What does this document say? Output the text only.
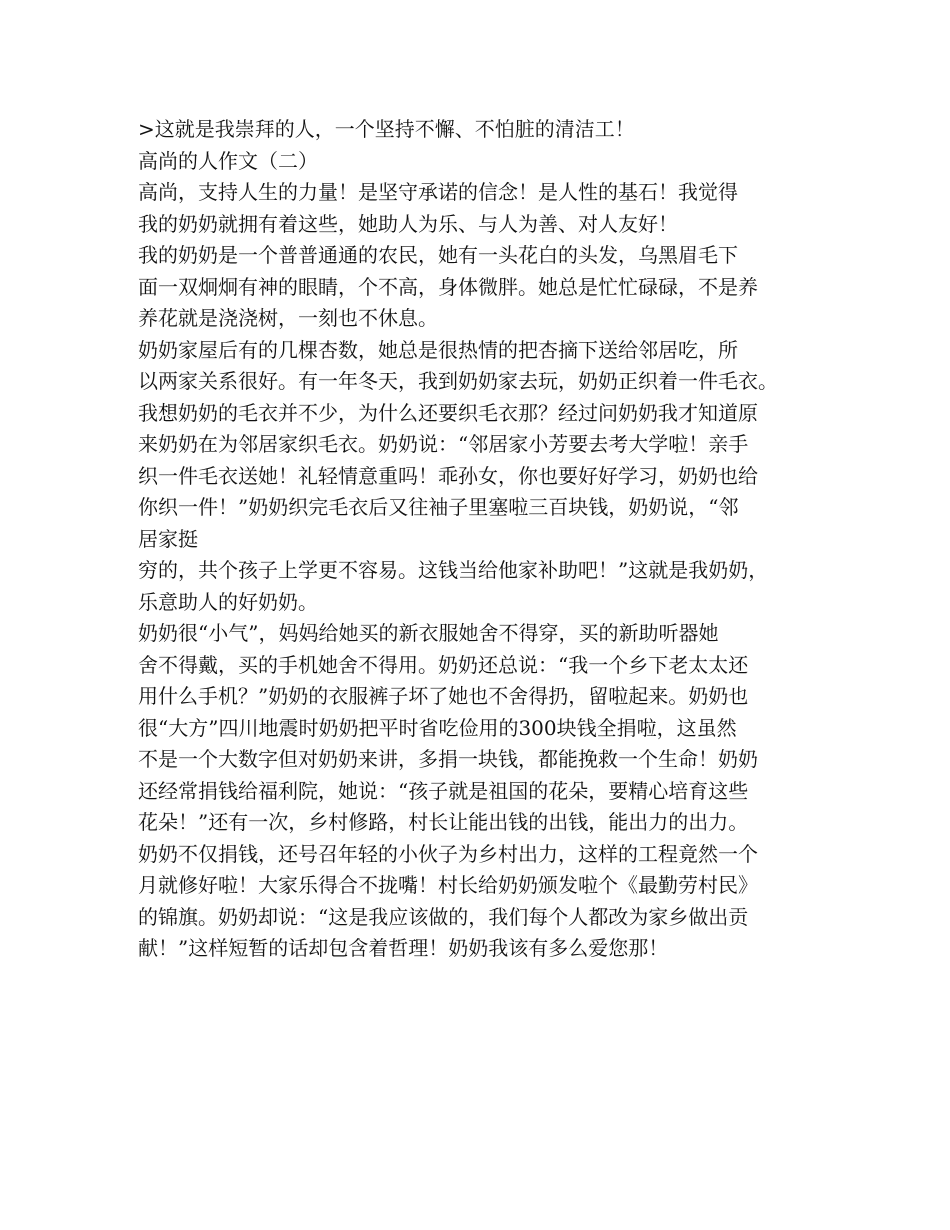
>这就是我崇拜的人，一个坚持不懈、不怕脏的清洁工！
高尚的人作文（二）
高尚，支持人生的力量！是坚守承诺的信念！是人性的基石！我觉得
我的奶奶就拥有着这些，她助人为乐、与人为善、对人友好！
我的奶奶是一个普普通通的农民，她有一头花白的头发，乌黑眉毛下
面一双炯炯有神的眼睛，个不高，身体微胖。她总是忙忙碌碌，不是养
养花就是浇浇树，一刻也不休息。
奶奶家屋后有的几棵杏数，她总是很热情的把杏摘下送给邻居吃，所
以两家关系很好。有一年冬天，我到奶奶家去玩，奶奶正织着一件毛衣。
我想奶奶的毛衣并不少，为什么还要织毛衣那？经过问奶奶我才知道原
来奶奶在为邻居家织毛衣。奶奶说：“邻居家小芳要去考大学啦！亲手
织一件毛衣送她！礼轻情意重吗！乖孙女，你也要好好学习，奶奶也给
你织一件！”奶奶织完毛衣后又往袖子里塞啦三百块钱，奶奶说，“邻
居家挺
穷的，共个孩子上学更不容易。这钱当给他家补助吧！”这就是我奶奶，
乐意助人的好奶奶。
奶奶很“小气”，妈妈给她买的新衣服她舍不得穿，买的新助听器她
舍不得戴，买的手机她舍不得用。奶奶还总说：“我一个乡下老太太还
用什么手机？”奶奶的衣服裤子坏了她也不舍得扔，留啦起来。奶奶也
很“大方”四川地震时奶奶把平时省吃俭用的300块钱全捐啦，这虽然
不是一个大数字但对奶奶来讲，多捐一块钱，都能挽救一个生命！奶奶
还经常捐钱给福利院，她说：“孩子就是祖国的花朵，要精心培育这些
花朵！”还有一次，乡村修路，村长让能出钱的出钱，能出力的出力。
奶奶不仅捐钱，还号召年轻的小伙子为乡村出力，这样的工程竟然一个
月就修好啦！大家乐得合不拢嘴！村长给奶奶颁发啦个《最勤劳村民》
的锦旗。奶奶却说：“这是我应该做的，我们每个人都改为家乡做出贡
献！”这样短暂的话却包含着哲理！奶奶我该有多么爱您那！
